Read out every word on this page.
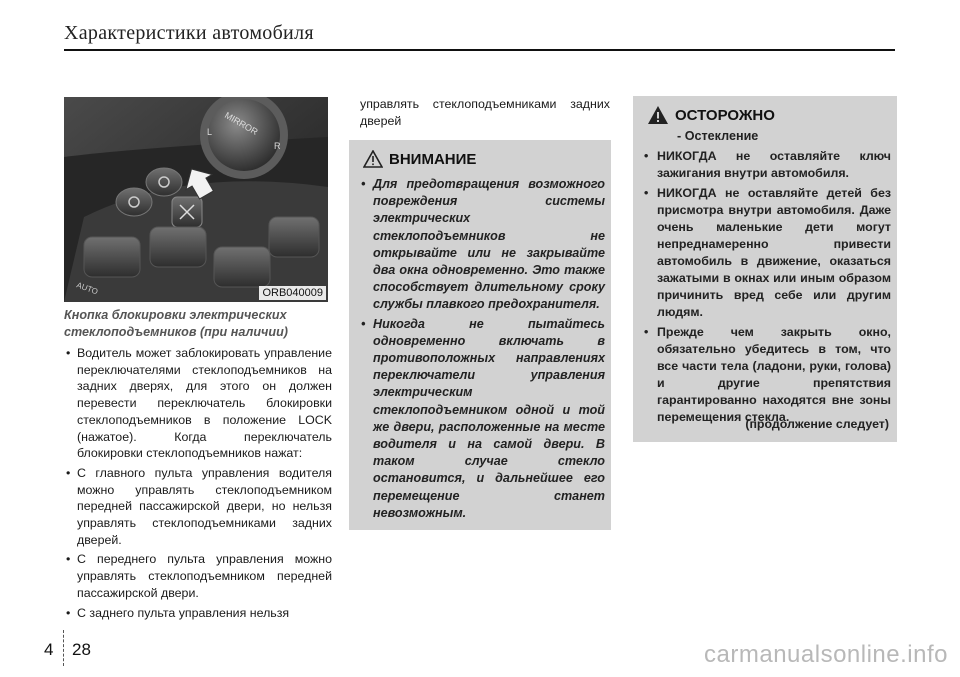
Характеристики автомобиля
MIRROR
L
R
AUTO	ORB040009
Кнопка блокировки электрических стеклоподъемников (при наличии)
• Водитель может заблокировать управление переключателями стеклоподъемников на задних дверях, для этого он должен перевести переключатель блокировки стеклоподъемников в положение LOCK (нажатое). Когда переключатель блокировки стеклоподъемников нажат:
• С главного пульта управления водителя можно управлять стеклоподъемником передней пассажирской двери, но нельзя управлять стеклоподъемниками задних дверей.
• С переднего пульта управления можно управлять стеклоподъемником передней пассажирской двери.
• С заднего пульта управления нельзя
управлять стеклоподъемниками задних дверей
ВНИМАНИЕ
• Для предотвращения возможного повреждения системы электрических стеклоподъемников не открывайте или не закрывайте два окна одновременно. Это также способствует длительному сроку службы плавкого предохранителя.
• Никогда не пытайтесь одновременно включать в противоположных направлениях переключатели управления электрическим стеклоподъемником одной и той же двери, расположенные на месте водителя и на самой двери. В таком случае стекло остановится, и дальнейшее его перемещение станет невозможным.
ОСТОРОЖНО
- Остекление
• НИКОГДА не оставляйте ключ зажигания внутри автомобиля.
• НИКОГДА не оставляйте детей без присмотра внутри автомобиля. Даже очень маленькие дети могут непреднамеренно привести автомобиль в движение, оказаться зажатыми в окнах или иным образом причинить вред себе или другим людям.
• Прежде чем закрыть окно, обязательно убедитесь в том, что все части тела (ладони, руки, голова) и другие препятствия гарантированно находятся вне зоны перемещения стекла.
(продолжение следует)
4 28	carmanualsonline.info
